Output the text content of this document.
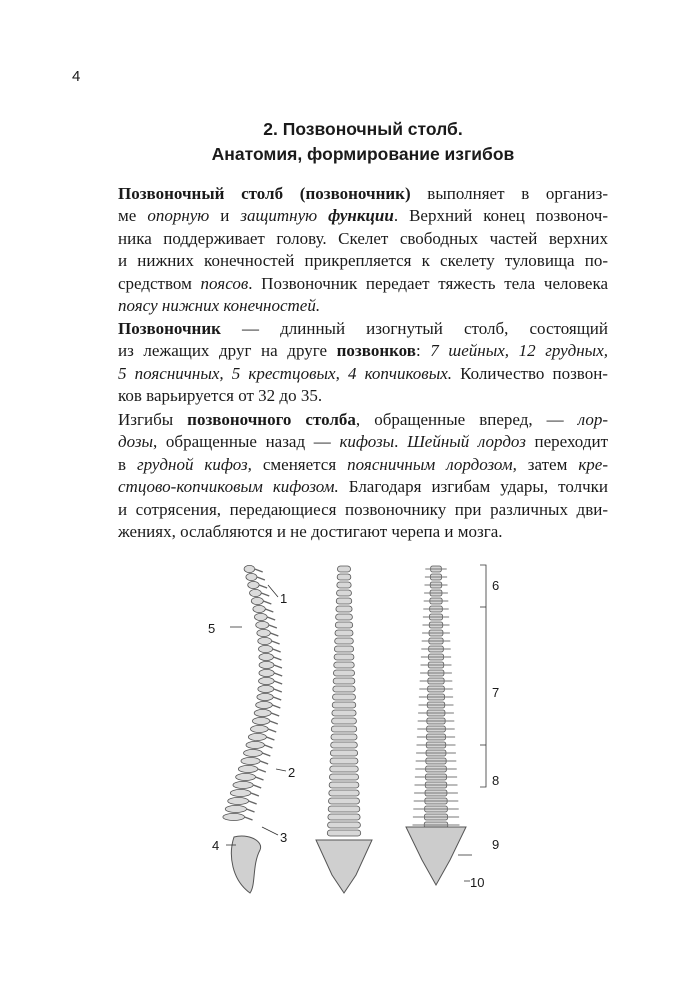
4
2. Позвоночный столб.
Анатомия, формирование изгибов
Позвоночный столб (позвоночник) выполняет в организ-
ме опорную и защитную функции. Верхний конец позвоноч-
ника поддерживает голову. Скелет свободных частей верхних
и нижних конечностей прикрепляется к скелету туловища по-
средством поясов. Позвоночник передает тяжесть тела человека
поясу нижних конечностей.
Позвоночник — длинный изогнутый столб, состоящий
из лежащих друг на друге позвонков: 7 шейных, 12 грудных,
5 поясничных, 5 крестцовых, 4 копчиковых. Количество позвон-
ков варьируется от 32 до 35.
Изгибы позвоночного столба, обращенные вперед, — лор-
дозы, обращенные назад — кифозы. Шейный лордоз переходит
в грудной кифоз, сменяется поясничным лордозом, затем кре-
стцово-копчиковым кифозом. Благодаря изгибам удары, толчки
и сотрясения, передающиеся позвоночнику при различных дви-
жениях, ослабляются и не достигают черепа и мозга.
1
5
2
3
4
6
7
8
9
10
